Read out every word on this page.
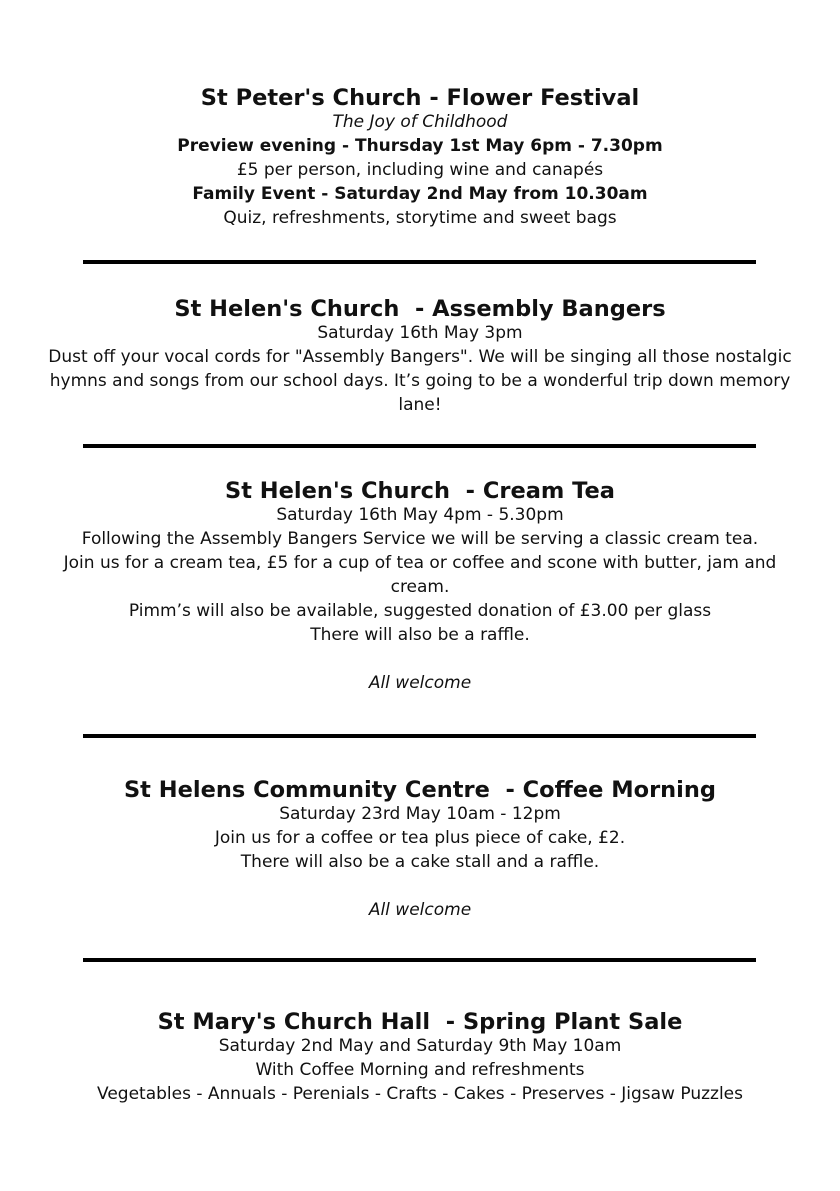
St Peter's Church - Flower Festival
The Joy of Childhood
Preview evening - Thursday 1st May 6pm - 7.30pm
£5 per person, including wine and canapés
Family Event - Saturday 2nd May from 10.30am
Quiz, refreshments, storytime and sweet bags
St Helen's Church  - Assembly Bangers
Saturday 16th May 3pm
Dust off your vocal cords for "Assembly Bangers". We will be singing all those nostalgic hymns and songs from our school days. It’s going to be a wonderful trip down memory lane!
St Helen's Church  - Cream Tea
Saturday 16th May 4pm - 5.30pm
Following the Assembly Bangers Service we will be serving a classic cream tea.
Join us for a cream tea, £5 for a cup of tea or coffee and scone with butter, jam and cream.
Pimm’s will also be available, suggested donation of £3.00 per glass
There will also be a raffle.
All welcome
St Helens Community Centre  - Coffee Morning
Saturday 23rd May 10am - 12pm
Join us for a coffee or tea plus piece of cake, £2.
There will also be a cake stall and a raffle.
All welcome
St Mary's Church Hall  - Spring Plant Sale
Saturday 2nd May and Saturday 9th May 10am
With Coffee Morning and refreshments
Vegetables - Annuals - Perenials - Crafts - Cakes - Preserves - Jigsaw Puzzles
